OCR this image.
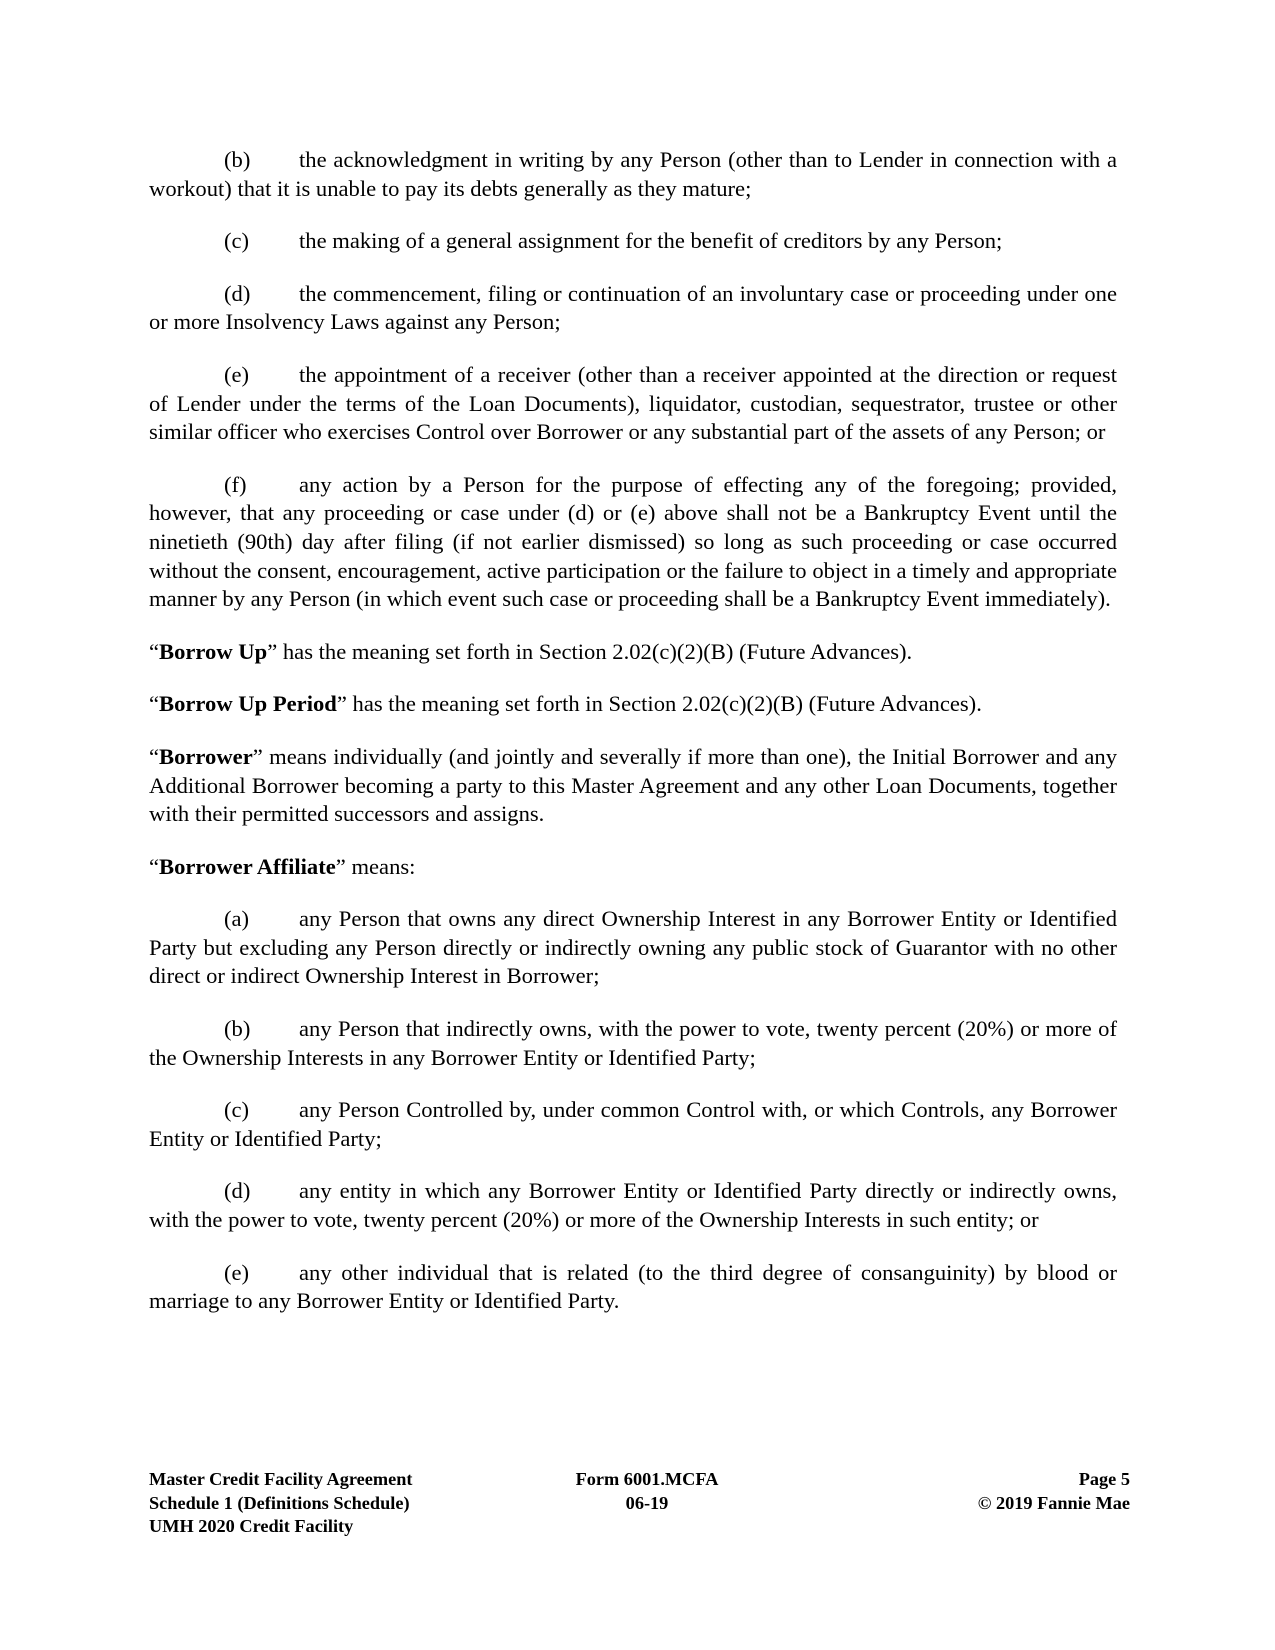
(b) the acknowledgment in writing by any Person (other than to Lender in connection with a workout) that it is unable to pay its debts generally as they mature;

(c) the making of a general assignment for the benefit of creditors by any Person;

(d) the commencement, filing or continuation of an involuntary case or proceeding under one or more Insolvency Laws against any Person;

(e) the appointment of a receiver (other than a receiver appointed at the direction or request of Lender under the terms of the Loan Documents), liquidator, custodian, sequestrator, trustee or other similar officer who exercises Control over Borrower or any substantial part of the assets of any Person; or

(f) any action by a Person for the purpose of effecting any of the foregoing; provided, however, that any proceeding or case under (d) or (e) above shall not be a Bankruptcy Event until the ninetieth (90th) day after filing (if not earlier dismissed) so long as such proceeding or case occurred without the consent, encouragement, active participation or the failure to object in a timely and appropriate manner by any Person (in which event such case or proceeding shall be a Bankruptcy Event immediately).

“Borrow Up” has the meaning set forth in Section 2.02(c)(2)(B) (Future Advances).

“Borrow Up Period” has the meaning set forth in Section 2.02(c)(2)(B) (Future Advances).

“Borrower” means individually (and jointly and severally if more than one), the Initial Borrower and any Additional Borrower becoming a party to this Master Agreement and any other Loan Documents, together with their permitted successors and assigns.

“Borrower Affiliate” means:

(a) any Person that owns any direct Ownership Interest in any Borrower Entity or Identified Party but excluding any Person directly or indirectly owning any public stock of Guarantor with no other direct or indirect Ownership Interest in Borrower;

(b) any Person that indirectly owns, with the power to vote, twenty percent (20%) or more of the Ownership Interests in any Borrower Entity or Identified Party;

(c) any Person Controlled by, under common Control with, or which Controls, any Borrower Entity or Identified Party;

(d) any entity in which any Borrower Entity or Identified Party directly or indirectly owns, with the power to vote, twenty percent (20%) or more of the Ownership Interests in such entity; or

(e) any other individual that is related (to the third degree of consanguinity) by blood or marriage to any Borrower Entity or Identified Party.

Master Credit Facility Agreement
Schedule 1 (Definitions Schedule)
UMH 2020 Credit Facility
Form 6001.MCFA
06-19
Page 5
© 2019 Fannie Mae
